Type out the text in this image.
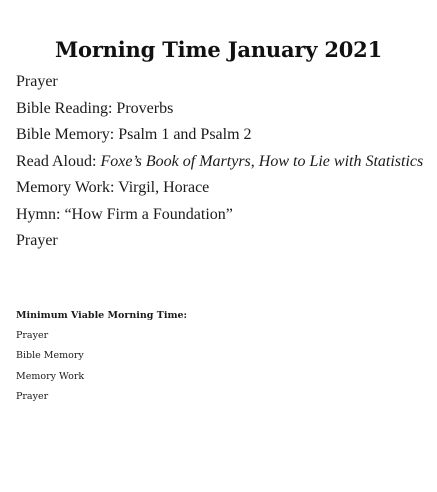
Morning Time January 2021
Prayer
Bible Reading: Proverbs
Bible Memory: Psalm 1 and Psalm 2
Read Aloud: Foxe’s Book of Martyrs, How to Lie with Statistics
Memory Work: Virgil, Horace
Hymn: “How Firm a Foundation”
Prayer
Minimum Viable Morning Time:
Prayer
Bible Memory
Memory Work
Prayer
